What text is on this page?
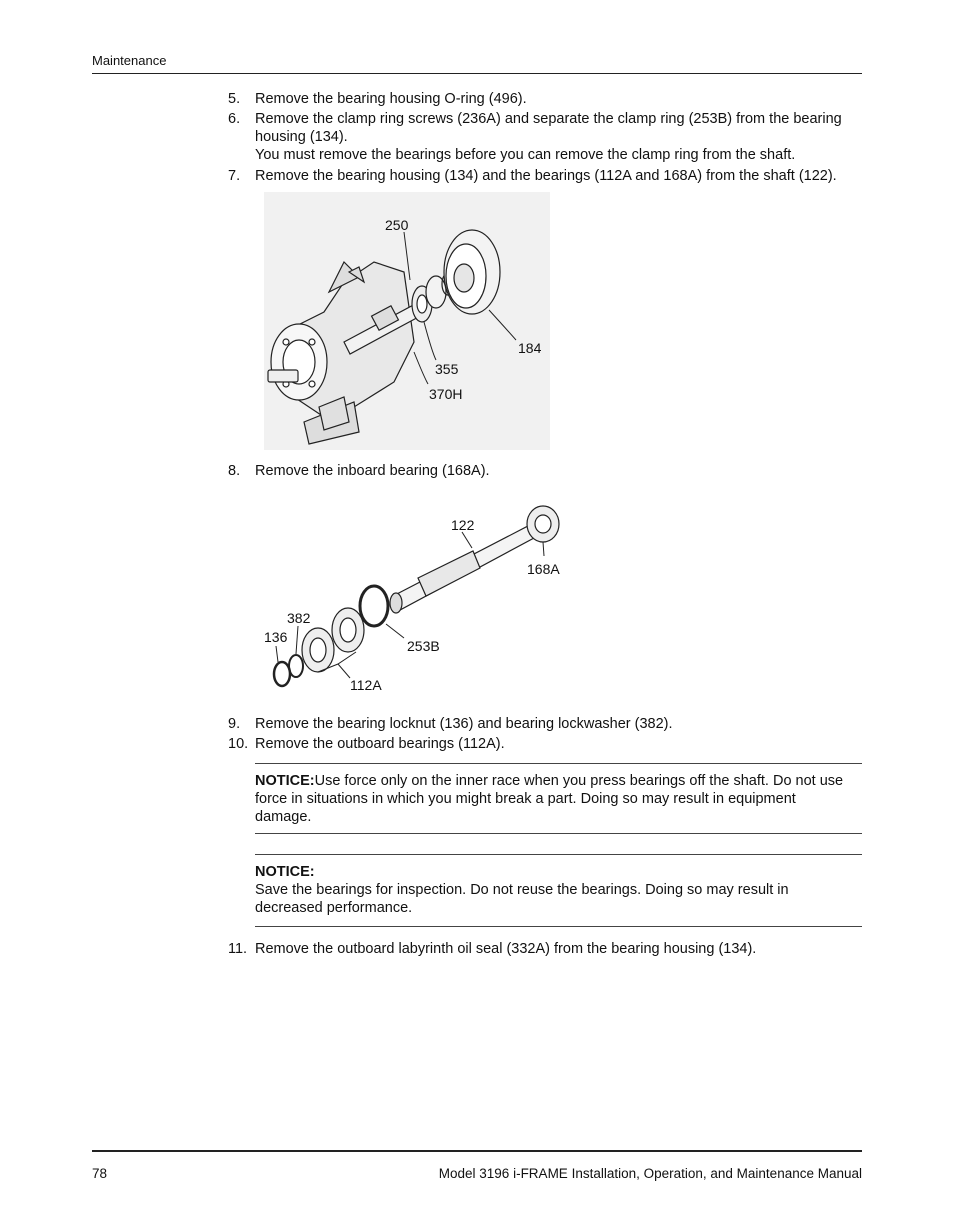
Maintenance
5. Remove the bearing housing O-ring (496).
6. Remove the clamp ring screws (236A) and separate the clamp ring (253B) from the bearing housing (134).
You must remove the bearings before you can remove the clamp ring from the shaft.
7. Remove the bearing housing (134) and the bearings (112A and 168A) from the shaft (122).
250
184
355
370H
8. Remove the inboard bearing (168A).
122
168A
382
136
253B
112A
9. Remove the bearing locknut (136) and bearing lockwasher (382).
10. Remove the outboard bearings (112A).
NOTICE:Use force only on the inner race when you press bearings off the shaft. Do not use force in situations in which you might break a part. Doing so may result in equipment damage.
NOTICE:
Save the bearings for inspection. Do not reuse the bearings. Doing so may result in decreased performance.
11. Remove the outboard labyrinth oil seal (332A) from the bearing housing (134).
78	Model 3196 i-FRAME Installation, Operation, and Maintenance Manual
